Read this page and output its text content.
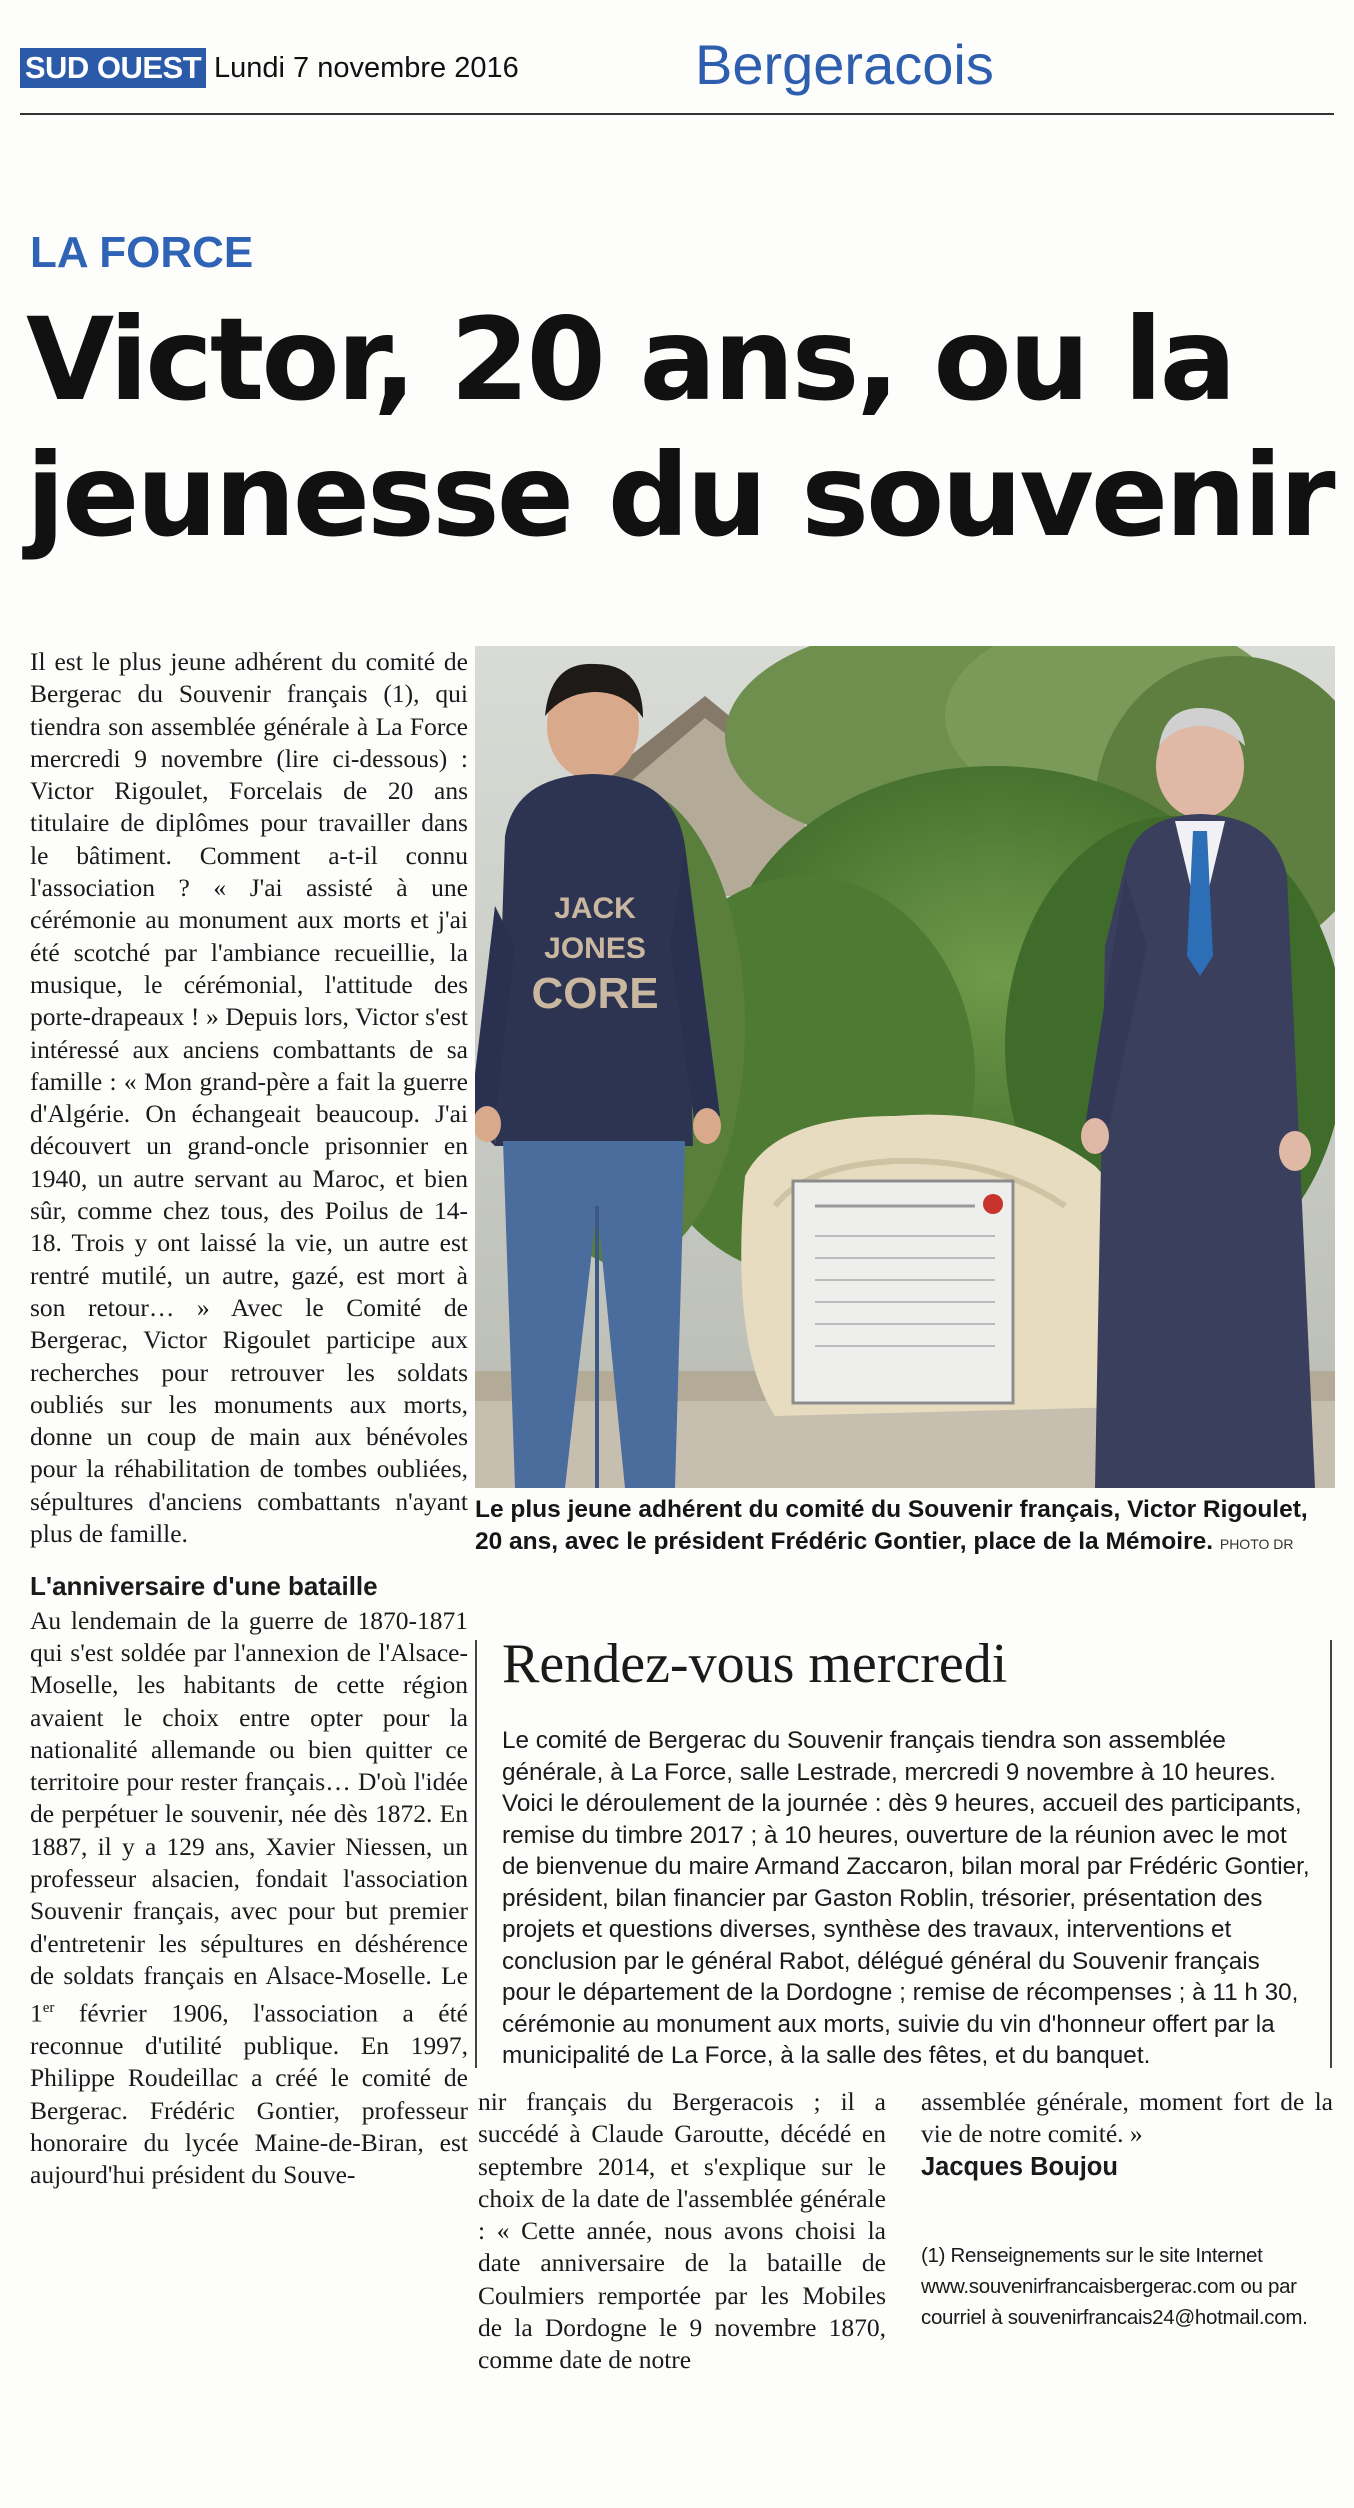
SUD OUEST Lundi 7 novembre 2016	Bergeracois
LA FORCE
Victor, 20 ans, ou la
jeunesse du souvenir

Il est le plus jeune adhérent du comité de Bergerac du Souvenir français (1), qui tiendra son assemblée générale à La Force mercredi 9 novembre (lire ci-dessous) : Victor Rigoulet, Forcelais de 20 ans titulaire de diplômes pour travailler dans le bâtiment. Comment a-t-il connu l'association ? « J'ai assisté à une cérémonie au monument aux morts et j'ai été scotché par l'ambiance recueillie, la musique, le cérémonial, l'attitude des porte-drapeaux ! » Depuis lors, Victor s'est intéressé aux anciens combattants de sa famille : « Mon grand-père a fait la guerre d'Algérie. On échangeait beaucoup. J'ai découvert un grand-oncle prisonnier en 1940, un autre servant au Maroc, et bien sûr, comme chez tous, des Poilus de 14-18. Trois y ont laissé la vie, un autre est rentré mutilé, un autre, gazé, est mort à son retour… » Avec le Comité de Bergerac, Victor Rigoulet participe aux recherches pour retrouver les soldats oubliés sur les monuments aux morts, donne un coup de main aux bénévoles pour la réhabilitation de tombes oubliées, sépultures d'anciens combattants n'ayant plus de famille.

L'anniversaire d'une bataille

Au lendemain de la guerre de 1870-1871 qui s'est soldée par l'annexion de l'Alsace-Moselle, les habitants de cette région avaient le choix entre opter pour la nationalité allemande ou bien quitter ce territoire pour rester français… D'où l'idée de perpétuer le souvenir, née dès 1872. En 1887, il y a 129 ans, Xavier Niessen, un professeur alsacien, fondait l'association Souvenir français, avec pour but premier d'entretenir les sépultures en déshérence de soldats français en Alsace-Moselle. Le 1er février 1906, l'association a été reconnue d'utilité publique. En 1997, Philippe Roudeillac a créé le comité de Bergerac. Frédéric Gontier, professeur honoraire du lycée Maine-de-Biran, est aujourd'hui président du Souve-

JACK
JONES
CORE
Le plus jeune adhérent du comité du Souvenir français, Victor Rigoulet, 20 ans, avec le président Frédéric Gontier, place de la Mémoire. PHOTO DR
Rendez-vous mercredi
Le comité de Bergerac du Souvenir français tiendra son assemblée générale, à La Force, salle Lestrade, mercredi 9 novembre à 10 heures. Voici le déroulement de la journée : dès 9 heures, accueil des participants, remise du timbre 2017 ; à 10 heures, ouverture de la réunion avec le mot de bienvenue du maire Armand Zaccaron, bilan moral par Frédéric Gontier, président, bilan financier par Gaston Roblin, trésorier, présentation des projets et questions diverses, synthèse des travaux, interventions et conclusion par le général Rabot, délégué général du Souvenir français pour le département de la Dordogne ; remise de récompenses ; à 11 h 30, cérémonie au monument aux morts, suivie du vin d'honneur offert par la municipalité de La Force, à la salle des fêtes, et du banquet.

nir français du Bergeracois ; il a succédé à Claude Garoutte, décédé en septembre 2014, et s'explique sur le choix de la date de l'assemblée générale : « Cette année, nous avons choisi la date anniversaire de la bataille de Coulmiers remportée par les Mobiles de la Dordogne le 9 novembre 1870, comme date de notre

assemblée générale, moment fort de la vie de notre comité. »

Jacques Boujou
(1) Renseignements sur le site Internet www.souvenirfrancaisbergerac.com ou par courriel à souvenirfrancais24@hotmail.com.
